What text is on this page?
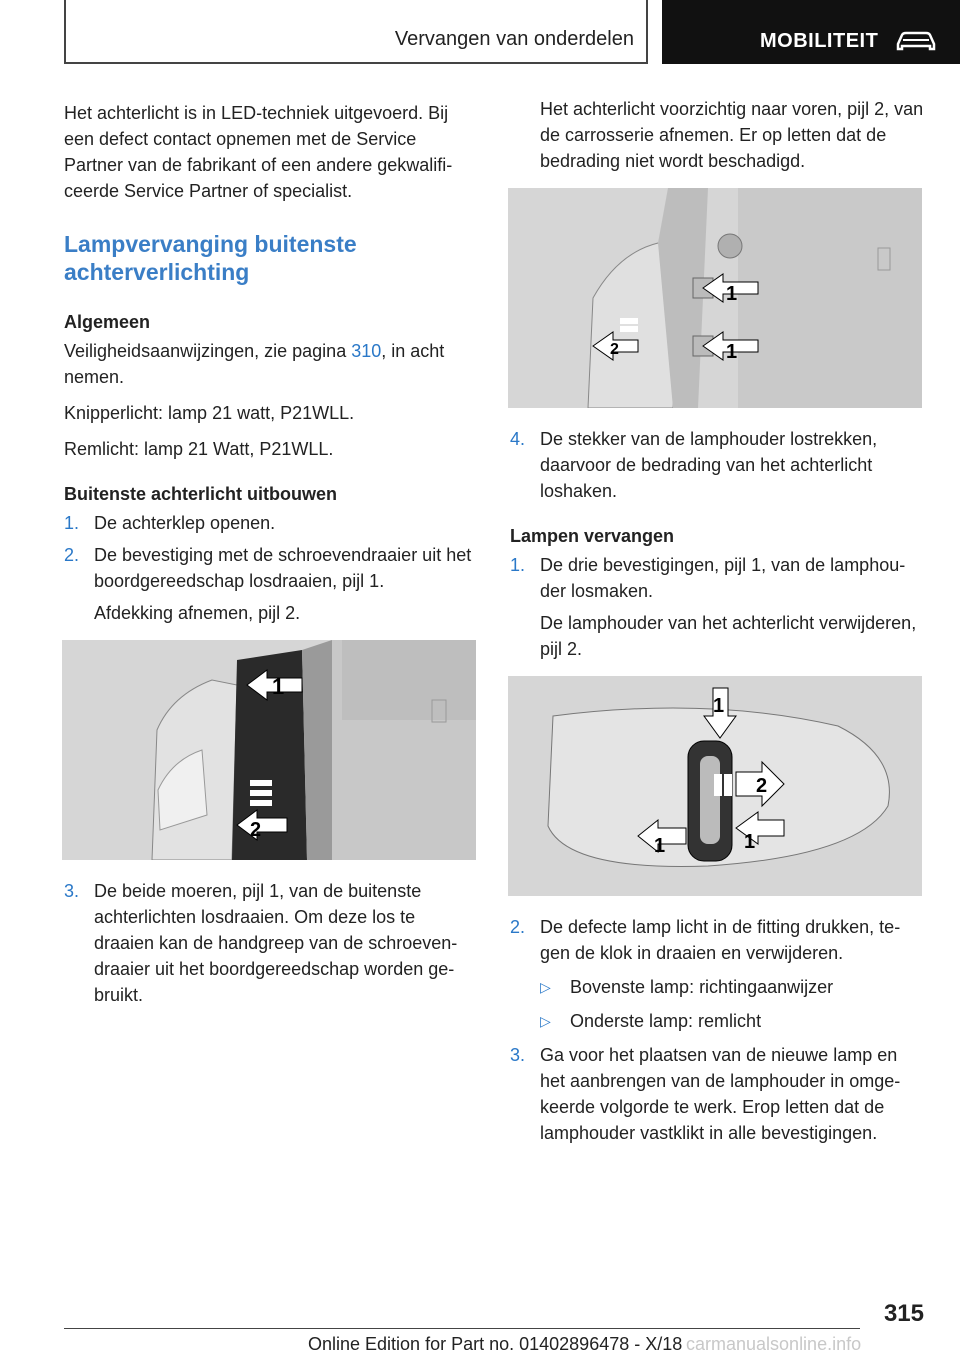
Vervangen van onderdelen	MOBILITEIT

Het achterlicht is in LED-techniek uitgevoerd. Bij een defect contact opnemen met de Service Partner van de fabrikant of een andere gekwalificeerde Service Partner of specialist.

Lampvervanging buitenste achterverlichting
Algemeen

Veiligheidsaanwijzingen, zie pagina 310, in acht nemen.

Knipperlicht: lamp 21 watt, P21WLL.

Remlicht: lamp 21 Watt, P21WLL.

Buitenste achterlicht uitbouwen
1. De achterklep openen.
2. De bevestiging met de schroevendraaier uit het boordgereedschap losdraaien, pijl 1.
Afdekking afnemen, pijl 2.
1
2
3. De beide moeren, pijl 1, van de buitenste achterlichten losdraaien. Om deze los te draaien kan de handgreep van de schroevendraaier uit het boordgereedschap worden gebruikt.
Het achterlicht voorzichtig naar voren, pijl 2, van de carrosserie afnemen. Er op letten dat de bedrading niet wordt beschadigd.
1
1
2
4. De stekker van de lamphouder lostrekken, daarvoor de bedrading van het achterlicht loshaken.
Lampen vervangen
1. De drie bevestigingen, pijl 1, van de lamphouder losmaken.
De lamphouder van het achterlicht verwijderen, pijl 2.
1
2
1	1
2. De defecte lamp licht in de fitting drukken, tegen de klok in draaien en verwijderen.
▷ Bovenste lamp: richtingaanwijzer
▷ Onderste lamp: remlicht
3. Ga voor het plaatsen van de nieuwe lamp en het aanbrengen van de lamphouder in omgekeerde volgorde te werk. Erop letten dat de lamphouder vastklikt in alle bevestigingen.
315
Online Edition for Part no. 01402896478 - X/18 carmanualsonline.info
